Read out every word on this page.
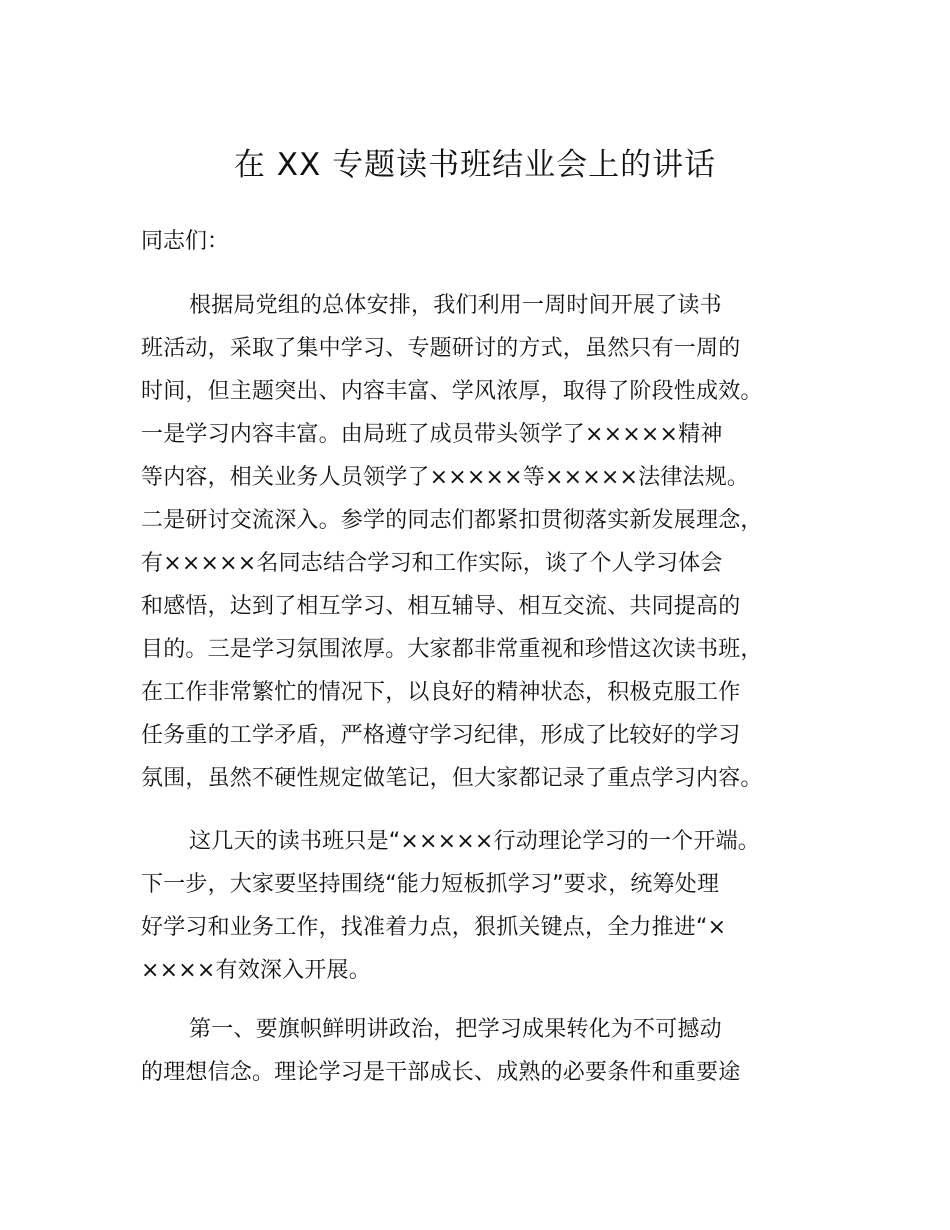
在 XX 专题读书班结业会上的讲话
同志们：
根据局党组的总体安排，我们利用一周时间开展了读书
班活动，采取了集中学习、专题研讨的方式，虽然只有一周的
时间，但主题突出、内容丰富、学风浓厚，取得了阶段性成效。
一是学习内容丰富。由局班了成员带头领学了×××××精神
等内容，相关业务人员领学了×××××等×××××法律法规。
二是研讨交流深入。参学的同志们都紧扣贯彻落实新发展理念，
有×××××名同志结合学习和工作实际，谈了个人学习体会
和感悟，达到了相互学习、相互辅导、相互交流、共同提高的
目的。三是学习氛围浓厚。大家都非常重视和珍惜这次读书班，
在工作非常繁忙的情况下，以良好的精神状态，积极克服工作
任务重的工学矛盾，严格遵守学习纪律，形成了比较好的学习
氛围，虽然不硬性规定做笔记，但大家都记录了重点学习内容。
这几天的读书班只是“×××××行动理论学习的一个开端。
下一步，大家要坚持围绕“能力短板抓学习”要求，统筹处理
好学习和业务工作，找准着力点，狠抓关键点，全力推进“×
××××有效深入开展。
第一、要旗帜鲜明讲政治，把学习成果转化为不可撼动
的理想信念。理论学习是干部成长、成熟的必要条件和重要途
